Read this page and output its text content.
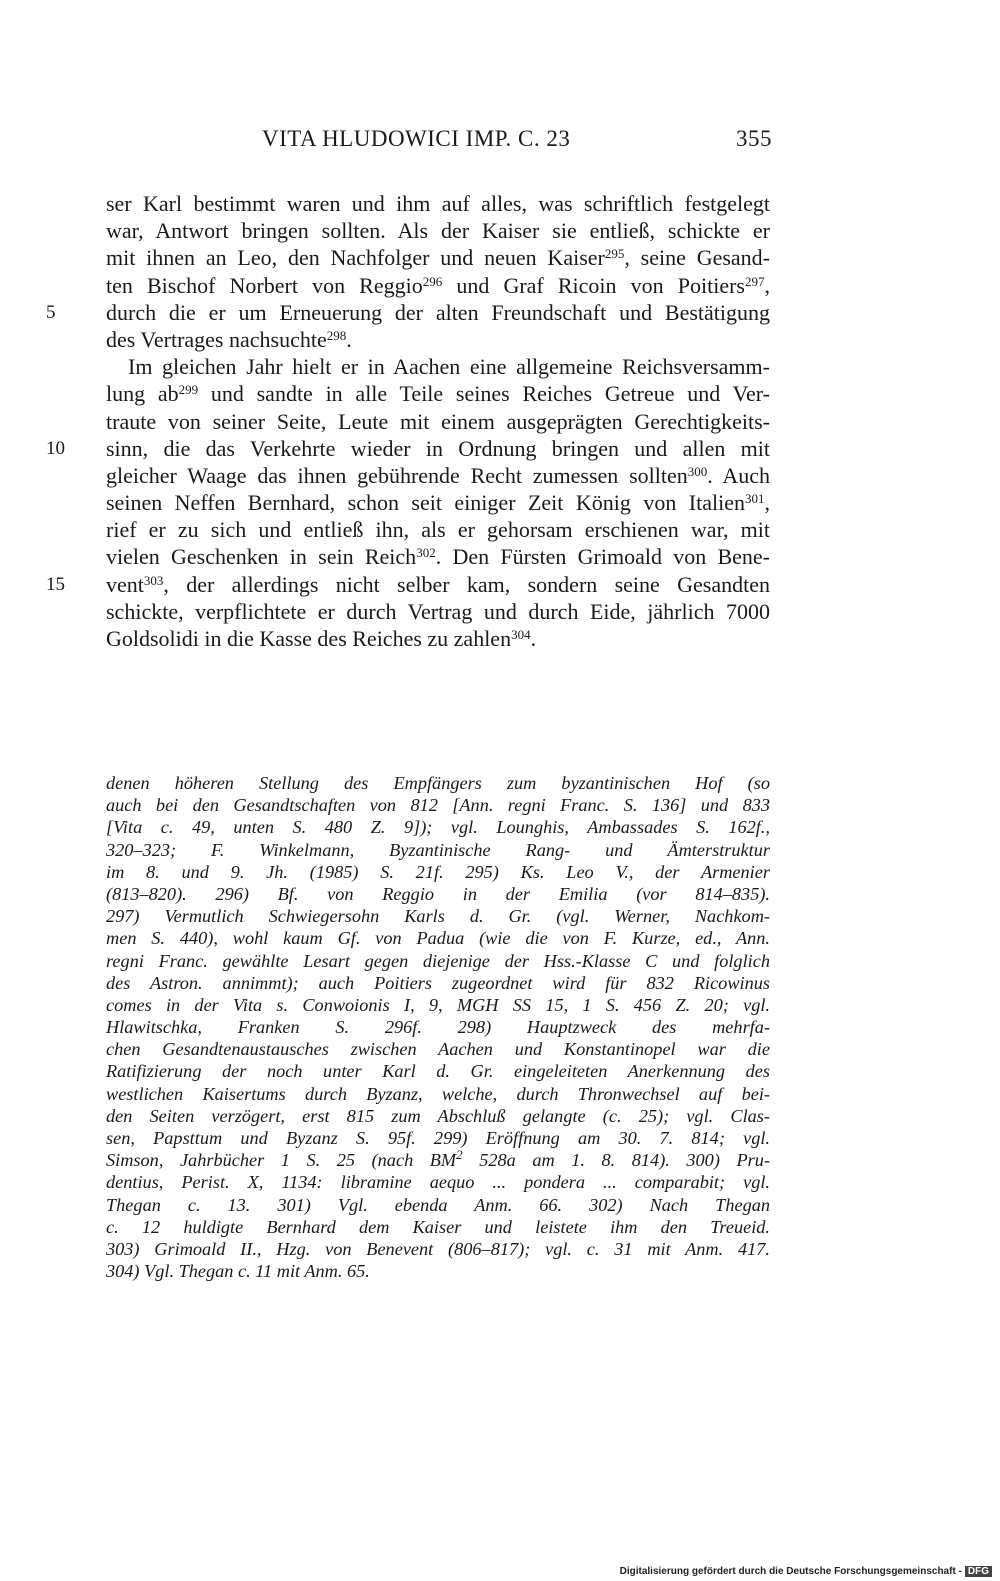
VITA HLUDOWICI IMP. C. 23	355
ser Karl bestimmt waren und ihm auf alles, was schriftlich festgelegt
war, Antwort bringen sollten. Als der Kaiser sie entließ, schickte er
mit ihnen an Leo, den Nachfolger und neuen Kaiser$^{295}$, seine Gesand-
ten Bischof Norbert von Reggio$^{296}$ und Graf Ricoin von Poitiers$^{297}$,
5	durch die er um Erneuerung der alten Freundschaft und Bestätigung
des Vertrages nachsuchte$^{298}$.
Im gleichen Jahr hielt er in Aachen eine allgemeine Reichsversamm-
lung $ab^{299}$ und sandte in alle Teile seines Reiches Getreue und Ver-
traute von seiner Seite, Leute mit einem ausgeprägten Gerechtigkeits-
10	sinn, die das Verkehrte wieder in Ordnung bringen und allen mit
gleicher Waage das ihnen gebührende Recht zumessen sollten$^{300}$. Auch
seinen Neffen Bernhard, schon seit einiger Zeit König von Italien$^{301}$,
rief er zu sich und entließ ihn, als er gehorsam erschienen war, mit
vielen Geschenken in sein Reich$^{302}$. Den Fürsten Grimoald von Bene-
15	vent$^{303}$, der allerdings nicht selber kam, sondern seine Gesandten
schickte, verpflichtete er durch Vertrag und durch Eide, jährlich 7000
Goldsolidi in die Kasse des Reiches zu zahlen$^{304}$.
denen höheren Stellung des Empfängers zum byzantinischen Hof (so
auch bei den Gesandtschaften von 812 [Ann. regni Franc. S. 136] und 833
[Vita c. 49, unten S. 480 Z. 9]); vgl. Lounghis, Ambassades S. 162f.,
320–323; F. Winkelmann, Byzantinische Rang- und Ämterstruktur
im 8. und 9. Jh. (1985) S. 21f. 295) Ks. Leo V., der Armenier
(813–820). 296) Bf. von Reggio in der Emilia (vor 814–835).
297) Vermutlich Schwiegersohn Karls d. Gr. (vgl. Werner, Nachkom-
men S. 440), wohl kaum Gf. von Padua (wie die von F. Kurze, ed., Ann.
regni Franc. gewählte Lesart gegen diejenige der Hss.-Klasse C und folglich
des Astron. annimmt); auch Poitiers zugeordnet wird für 832 Ricowinus
comes in der Vita s. Conwoionis I, 9, MGH SS 15, 1 S. 456 Z. 20; vgl.
Hlawitschka, Franken S. 296f. 298) Hauptzweck des mehrfa-
chen Gesandtenaustausches zwischen Aachen und Konstantinopel war die
Ratifizierung der noch unter Karl d. Gr. eingeleiteten Anerkennung des
westlichen Kaisertums durch Byzanz, welche, durch Thronwechsel auf bei-
den Seiten verzögert, erst 815 zum Abschluß gelangte (c. 25); vgl. Clas-
sen, Papsttum und Byzanz S. 95f. 299) Eröffnung am 30. 7. 814; vgl.
Simson, Jahrbücher 1 S. 25 (nach $BM^2$ 528a am 1. 8. 814). 300) Pru-
dentius, Perist. X, 1134: libramine aequo ... pondera ... comparabit; vgl.
Thegan c. 13. 301) Vgl. ebenda Anm. 66. 302) Nach Thegan
c. 12 huldigte Bernhard dem Kaiser und leistete ihm den Treueid.
303) Grimoald II., Hzg. von Benevent (806–817); vgl. c. 31 mit Anm. 417.
304) Vgl. Thegan c. 11 mit Anm. 65.
Digitalisierung gefördert durch die Deutsche Forschungsgemeinschaft - DFG
